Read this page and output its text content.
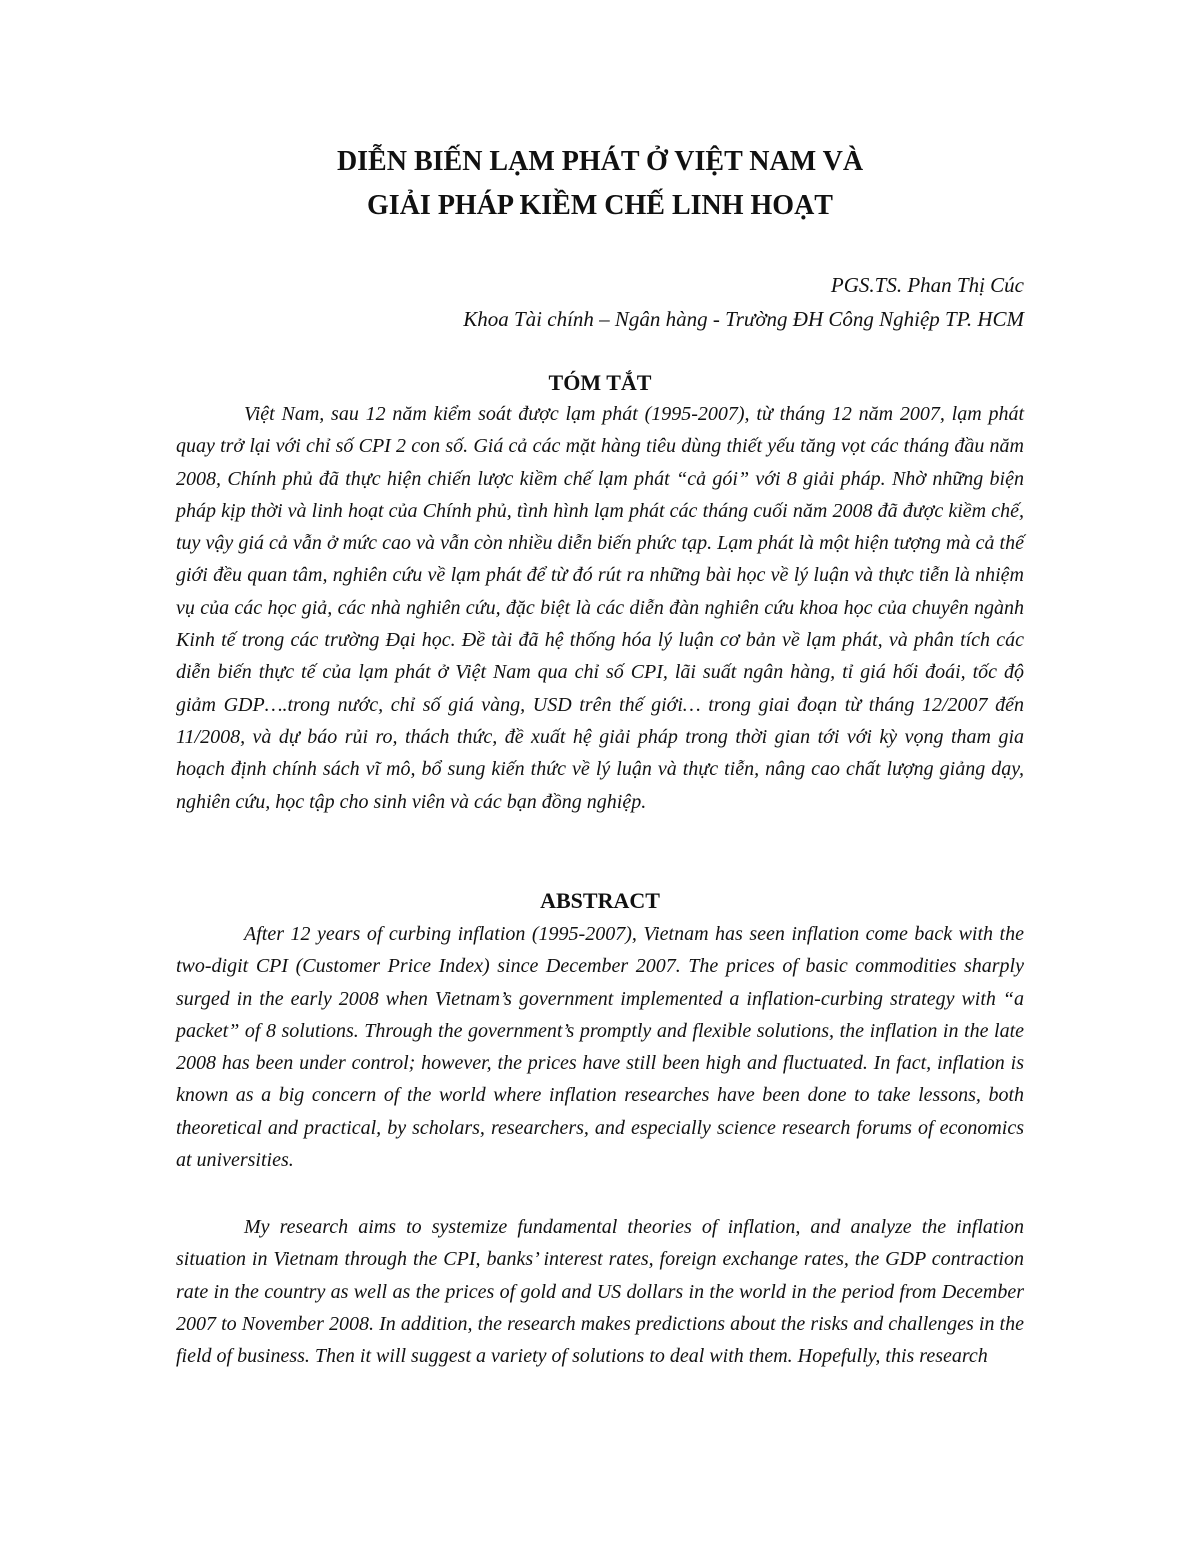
DIỄN BIẾN LẠM PHÁT Ở VIỆT NAM VÀ
GIẢI PHÁP KIỀM CHẾ LINH HOẠT
PGS.TS. Phan Thị Cúc
Khoa Tài chính – Ngân hàng - Trường ĐH Công Nghiệp TP. HCM
TÓM TẮT

Việt Nam, sau 12 năm kiểm soát được lạm phát (1995-2007), từ tháng 12 năm 2007, lạm phát quay trở lại với chỉ số CPI 2 con số. Giá cả các mặt hàng tiêu dùng thiết yếu tăng vọt các tháng đầu năm 2008, Chính phủ đã thực hiện chiến lược kiềm chế lạm phát “cả gói” với 8 giải pháp. Nhờ những biện pháp kịp thời và linh hoạt của Chính phủ, tình hình lạm phát các tháng cuối năm 2008 đã được kiềm chế, tuy vậy giá cả vẫn ở mức cao và vẫn còn nhiều diễn biến phức tạp. Lạm phát là một hiện tượng mà cả thế giới đều quan tâm, nghiên cứu về lạm phát để từ đó rút ra những bài học về lý luận và thực tiễn là nhiệm vụ của các học giả, các nhà nghiên cứu, đặc biệt là các diễn đàn nghiên cứu khoa học của chuyên ngành Kinh tế trong các trường Đại học. Đề tài đã hệ thống hóa lý luận cơ bản về lạm phát, và phân tích các diễn biến thực tế của lạm phát ở Việt Nam qua chỉ số CPI, lãi suất ngân hàng, tỉ giá hối đoái, tốc độ giảm GDP….trong nước, chỉ số giá vàng, USD trên thế giới… trong giai đoạn từ tháng 12/2007 đến 11/2008, và dự báo rủi ro, thách thức, đề xuất hệ giải pháp trong thời gian tới với kỳ vọng tham gia hoạch định chính sách vĩ mô, bổ sung kiến thức về lý luận và thực tiễn, nâng cao chất lượng giảng dạy, nghiên cứu, học tập cho sinh viên và các bạn đồng nghiệp.

ABSTRACT

After 12 years of curbing inflation (1995-2007), Vietnam has seen inflation come back with the two-digit CPI (Customer Price Index) since December 2007. The prices of basic commodities sharply surged in the early 2008 when Vietnam’s government implemented a inflation-curbing strategy with “a packet” of 8 solutions. Through the government’s promptly and flexible solutions, the inflation in the late 2008 has been under control; however, the prices have still been high and fluctuated. In fact, inflation is known as a big concern of the world where inflation researches have been done to take lessons, both theoretical and practical, by scholars, researchers, and especially science research forums of economics at universities.

My research aims to systemize fundamental theories of inflation, and analyze the inflation situation in Vietnam through the CPI, banks’ interest rates, foreign exchange rates, the GDP contraction rate in the country as well as the prices of gold and US dollars in the world in the period from December 2007 to November 2008. In addition, the research makes predictions about the risks and challenges in the field of business. Then it will suggest a variety of solutions to deal with them. Hopefully, this research
